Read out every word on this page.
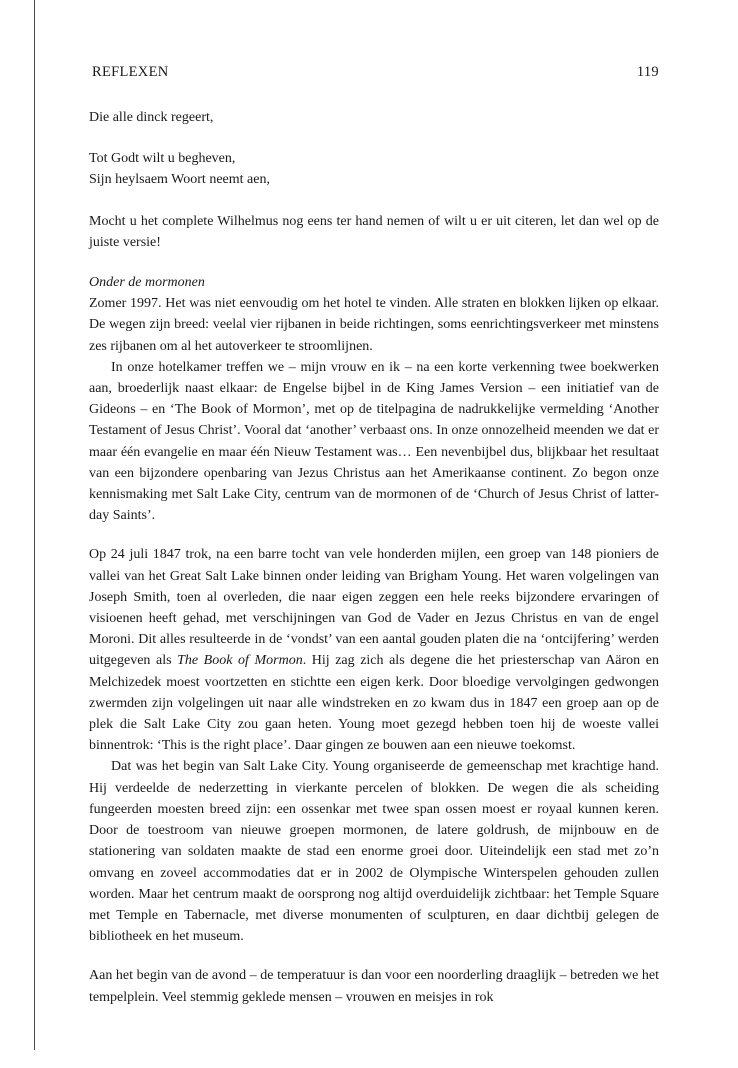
REFLEXEN	119
Die alle dinck regeert,
Tot Godt wilt u begheven,
Sijn heylsaem Woort neemt aen,

Mocht u het complete Wilhelmus nog eens ter hand nemen of wilt u er uit citeren, let dan wel op de juiste versie!

Onder de mormonen

Zomer 1997. Het was niet eenvoudig om het hotel te vinden. Alle straten en blokken lijken op elkaar. De wegen zijn breed: veelal vier rijbanen in beide richtingen, soms eenrichtingsverkeer met minstens zes rijbanen om al het autoverkeer te stroomlijnen.

In onze hotelkamer treffen we – mijn vrouw en ik – na een korte verkenning twee boekwerken aan, broederlijk naast elkaar: de Engelse bijbel in de King James Version – een initiatief van de Gideons – en ‘The Book of Mormon’, met op de titelpagina de nadrukkelijke vermelding ‘Another Testament of Jesus Christ’. Vooral dat ‘another’ verbaast ons. In onze onnozelheid meenden we dat er maar één evangelie en maar één Nieuw Testament was… Een nevenbijbel dus, blijkbaar het resultaat van een bijzondere openbaring van Jezus Christus aan het Amerikaanse continent. Zo begon onze kennismaking met Salt Lake City, centrum van de mormonen of de ‘Church of Jesus Christ of latter-day Saints’.

Op 24 juli 1847 trok, na een barre tocht van vele honderden mijlen, een groep van 148 pioniers de vallei van het Great Salt Lake binnen onder leiding van Brigham Young. Het waren volgelingen van Joseph Smith, toen al overleden, die naar eigen zeggen een hele reeks bijzondere ervaringen of visioenen heeft gehad, met verschijningen van God de Vader en Jezus Christus en van de engel Moroni. Dit alles resulteerde in de ‘vondst’ van een aantal gouden platen die na ‘ontcijfering’ werden uitgegeven als The Book of Mormon. Hij zag zich als degene die het priesterschap van Aäron en Melchizedek moest voortzetten en stichtte een eigen kerk. Door bloedige vervolgingen gedwongen zwermden zijn volgelingen uit naar alle windstreken en zo kwam dus in 1847 een groep aan op de plek die Salt Lake City zou gaan heten. Young moet gezegd hebben toen hij de woeste vallei binnentrok: ‘This is the right place’. Daar gingen ze bouwen aan een nieuwe toekomst.

Dat was het begin van Salt Lake City. Young organiseerde de gemeenschap met krachtige hand. Hij verdeelde de nederzetting in vierkante percelen of blokken. De wegen die als scheiding fungeerden moesten breed zijn: een ossenkar met twee span ossen moest er royaal kunnen keren. Door de toestroom van nieuwe groepen mormonen, de latere goldrush, de mijnbouw en de stationering van soldaten maakte de stad een enorme groei door. Uiteindelijk een stad met zo’n omvang en zoveel accommodaties dat er in 2002 de Olympische Winterspelen gehouden zullen worden. Maar het centrum maakt de oorsprong nog altijd overduidelijk zichtbaar: het Temple Square met Temple en Tabernacle, met diverse monumenten of sculpturen, en daar dichtbij gelegen de bibliotheek en het museum.

Aan het begin van de avond – de temperatuur is dan voor een noorderling draaglijk – betreden we het tempelplein. Veel stemmig geklede mensen – vrouwen en meisjes in rok
